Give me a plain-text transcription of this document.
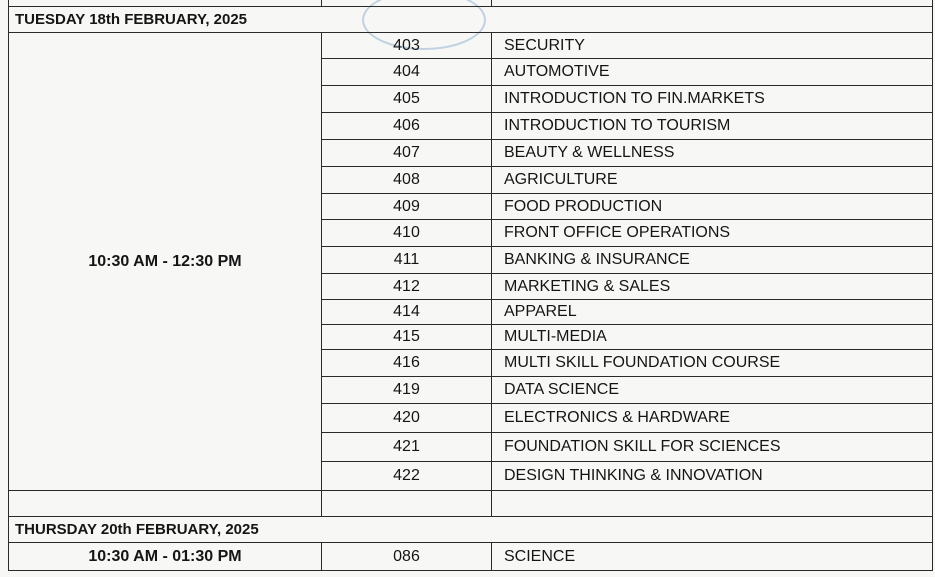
TUESDAY 18th FEBRUARY, 2025		
10:30 AM - 12:30 PM	403	SECURITY
	404	AUTOMOTIVE
	405	INTRODUCTION TO FIN.MARKETS
	406	INTRODUCTION TO TOURISM
	407	BEAUTY & WELLNESS
	408	AGRICULTURE
	409	FOOD PRODUCTION
	410	FRONT OFFICE OPERATIONS
	411	BANKING & INSURANCE
	412	MARKETING & SALES
	414	APPAREL
	415	MULTI-MEDIA
	416	MULTI SKILL FOUNDATION COURSE
	419	DATA SCIENCE
	420	ELECTRONICS & HARDWARE
	421	FOUNDATION SKILL FOR SCIENCES
	422	DESIGN THINKING & INNOVATION

THURSDAY 20th FEBRUARY, 2025		
10:30 AM - 01:30 PM	086	SCIENCE
